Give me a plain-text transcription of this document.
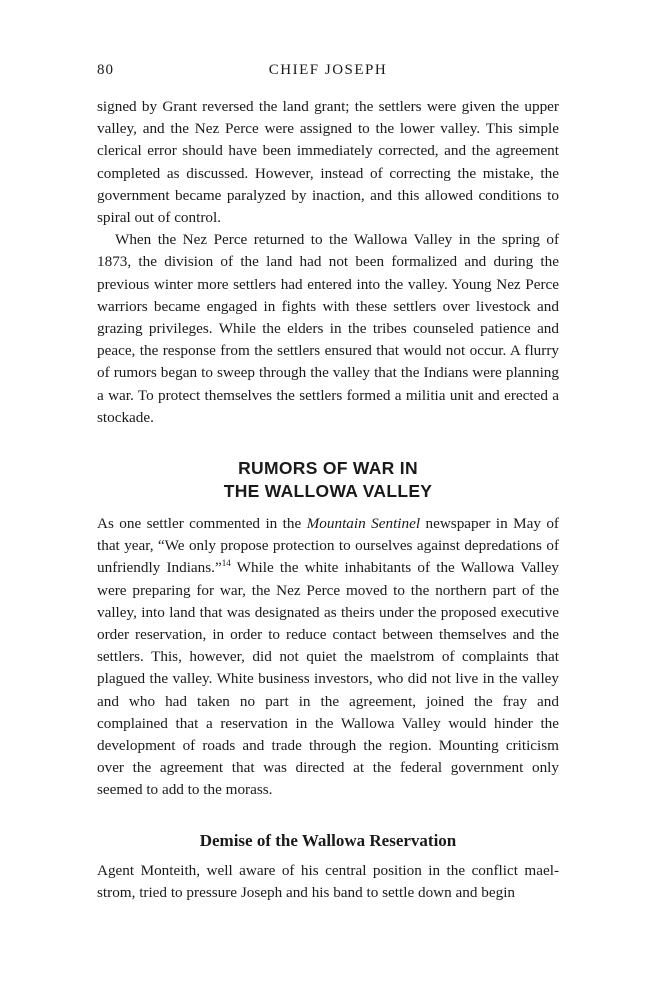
80	CHIEF JOSEPH

signed by Grant reversed the land grant; the settlers were given the upper valley, and the Nez Perce were assigned to the lower valley. This simple clerical error should have been immediately corrected, and the agreement completed as discussed. However, instead of correcting the mistake, the government became paralyzed by inaction, and this allowed conditions to spiral out of control.

When the Nez Perce returned to the Wallowa Valley in the spring of 1873, the division of the land had not been formalized and during the previous winter more settlers had entered into the valley. Young Nez Perce warriors became engaged in fights with these settlers over livestock and grazing privileges. While the elders in the tribes counseled patience and peace, the response from the settlers ensured that would not occur. A flurry of rumors began to sweep through the valley that the Indians were planning a war. To protect themselves the settlers formed a militia unit and erected a stockade.

RUMORS OF WAR IN
THE WALLOWA VALLEY

As one settler commented in the Mountain Sentinel newspaper in May of that year, “We only propose protection to ourselves against depredations of unfriendly Indians.”$^{14}$ While the white inhabitants of the Wallowa Valley were preparing for war, the Nez Perce moved to the northern part of the valley, into land that was designated as theirs under the proposed executive order reservation, in order to reduce contact between themselves and the settlers. This, however, did not quiet the maelstrom of complaints that plagued the valley. White business investors, who did not live in the valley and who had taken no part in the agreement, joined the fray and complained that a reservation in the Wallowa Valley would hinder the development of roads and trade through the region. Mounting criticism over the agreement that was directed at the federal government only seemed to add to the morass.

Demise of the Wallowa Reservation

Agent Monteith, well aware of his central position in the conflict maelstrom, tried to pressure Joseph and his band to settle down and begin
